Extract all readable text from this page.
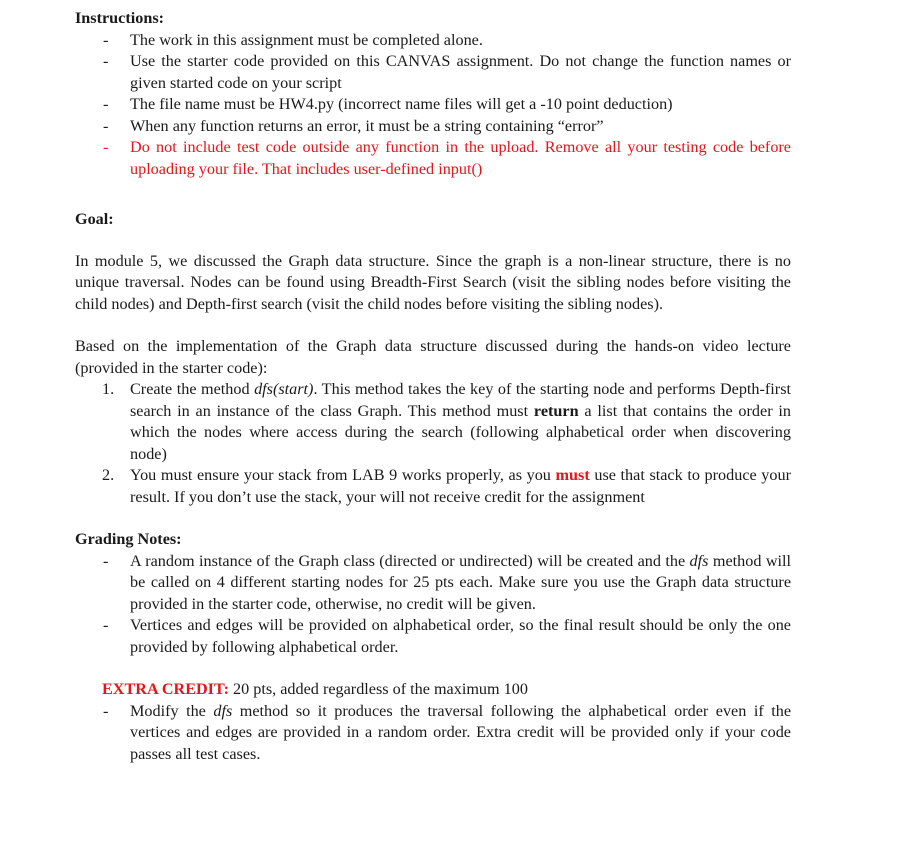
Instructions:

- The work in this assignment must be completed alone.
- Use the starter code provided on this CANVAS assignment. Do not change the function names or given started code on your script
- The file name must be HW4.py (incorrect name files will get a -10 point deduction)
- When any function returns an error, it must be a string containing “error”
- Do not include test code outside any function in the upload. Remove all your testing code before uploading your file. That includes user-defined input()

Goal:

In module 5, we discussed the Graph data structure. Since the graph is a non-linear structure, there is no unique traversal. Nodes can be found using Breadth-First Search (visit the sibling nodes before visiting the child nodes) and Depth-first search (visit the child nodes before visiting the sibling nodes).

Based on the implementation of the Graph data structure discussed during the hands-on video lecture (provided in the starter code):

1. Create the method dfs(start). This method takes the key of the starting node and performs Depth-first search in an instance of the class Graph. This method must return a list that contains the order in which the nodes where access during the search (following alphabetical order when discovering node)
2. You must ensure your stack from LAB 9 works properly, as you must use that stack to produce your result. If you don’t use the stack, your will not receive credit for the assignment

Grading Notes:

- A random instance of the Graph class (directed or undirected) will be created and the dfs method will be called on 4 different starting nodes for 25 pts each. Make sure you use the Graph data structure provided in the starter code, otherwise, no credit will be given.
- Vertices and edges will be provided on alphabetical order, so the final result should be only the one provided by following alphabetical order.

EXTRA CREDIT: 20 pts, added regardless of the maximum 100

- Modify the dfs method so it produces the traversal following the alphabetical order even if the vertices and edges are provided in a random order. Extra credit will be provided only if your code passes all test cases.
